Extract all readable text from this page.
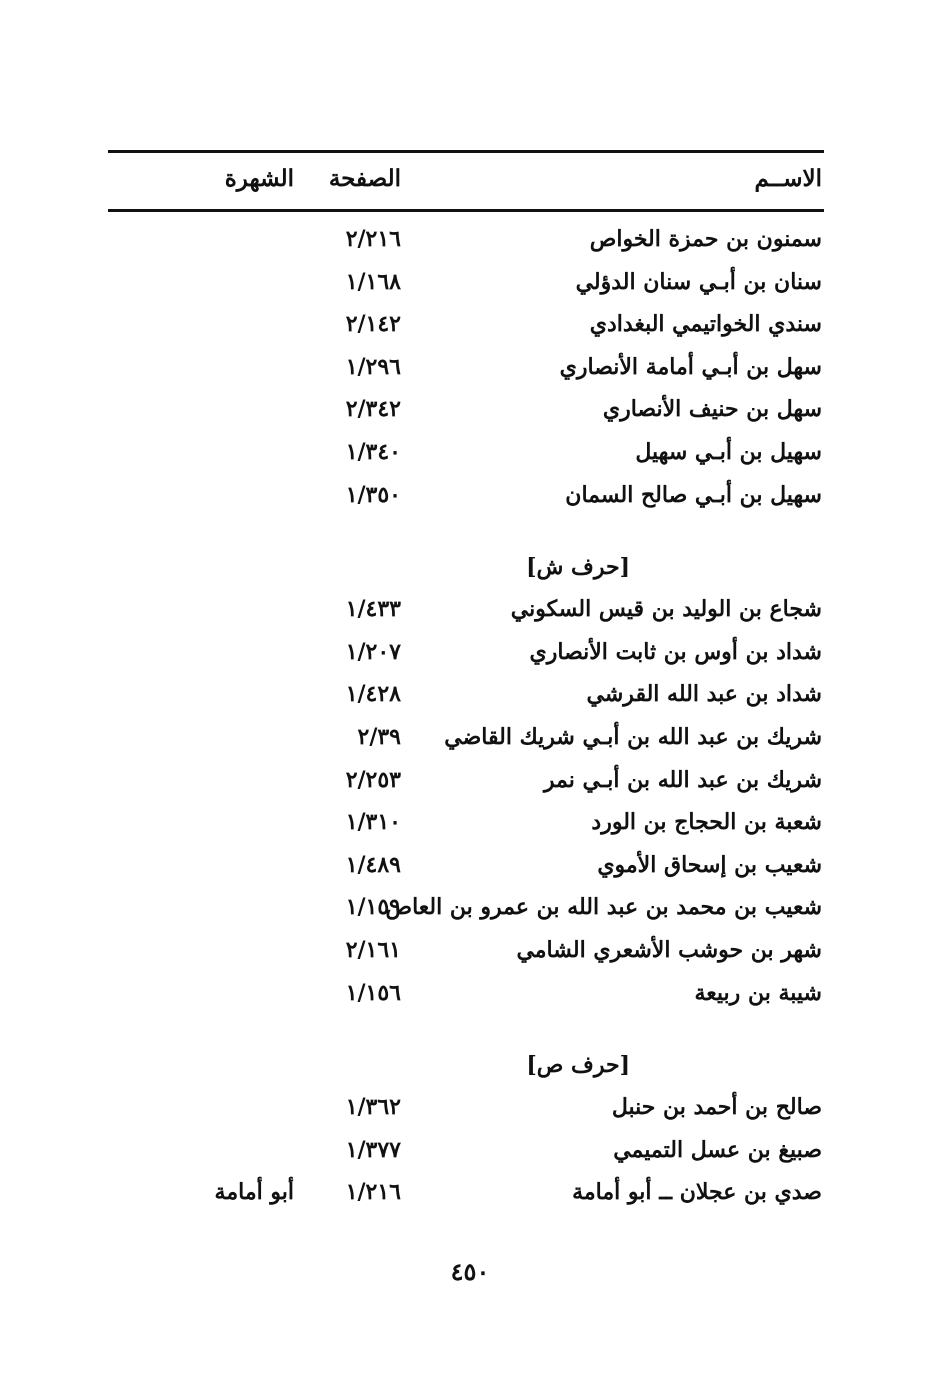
الاســم
الصفحة
الشهرة
سمنون بن حمزة الخواص
٢/٢١٦
سنان بن أبـي سنان الدؤلي
١/١٦٨
سندي الخواتيمي البغدادي
٢/١٤٢
سهل بن أبـي أمامة الأنصاري
١/٢٩٦
سهل بن حنيف الأنصاري
٢/٣٤٢
سهيل بن أبـي سهيل
١/٣٤٠
سهيل بن أبـي صالح السمان
١/٣٥٠
[حرف ش]
شجاع بن الوليد بن قيس السكوني
١/٤٣٣
شداد بن أوس بن ثابت الأنصاري
١/٢٠٧
شداد بن عبد الله القرشي
١/٤٢٨
شريك بن عبد الله بن أبـي شريك القاضي
٢/٣٩
شريك بن عبد الله بن أبـي نمر
٢/٢٥٣
شعبة بن الحجاج بن الورد
١/٣١٠
شعيب بن إسحاق الأموي
١/٤٨٩
شعيب بن محمد بن عبد الله بن عمرو بن العاص
١/١٥٩
شهر بن حوشب الأشعري الشامي
٢/١٦١
شيبة بن ربيعة
١/١٥٦
[حرف ص]
صالح بن أحمد بن حنبل
١/٣٦٢
صبيغ بن عسل التميمي
١/٣٧٧
صدي بن عجلان ــ أبو أمامة
١/٢١٦
أبو أمامة
٤٥٠
